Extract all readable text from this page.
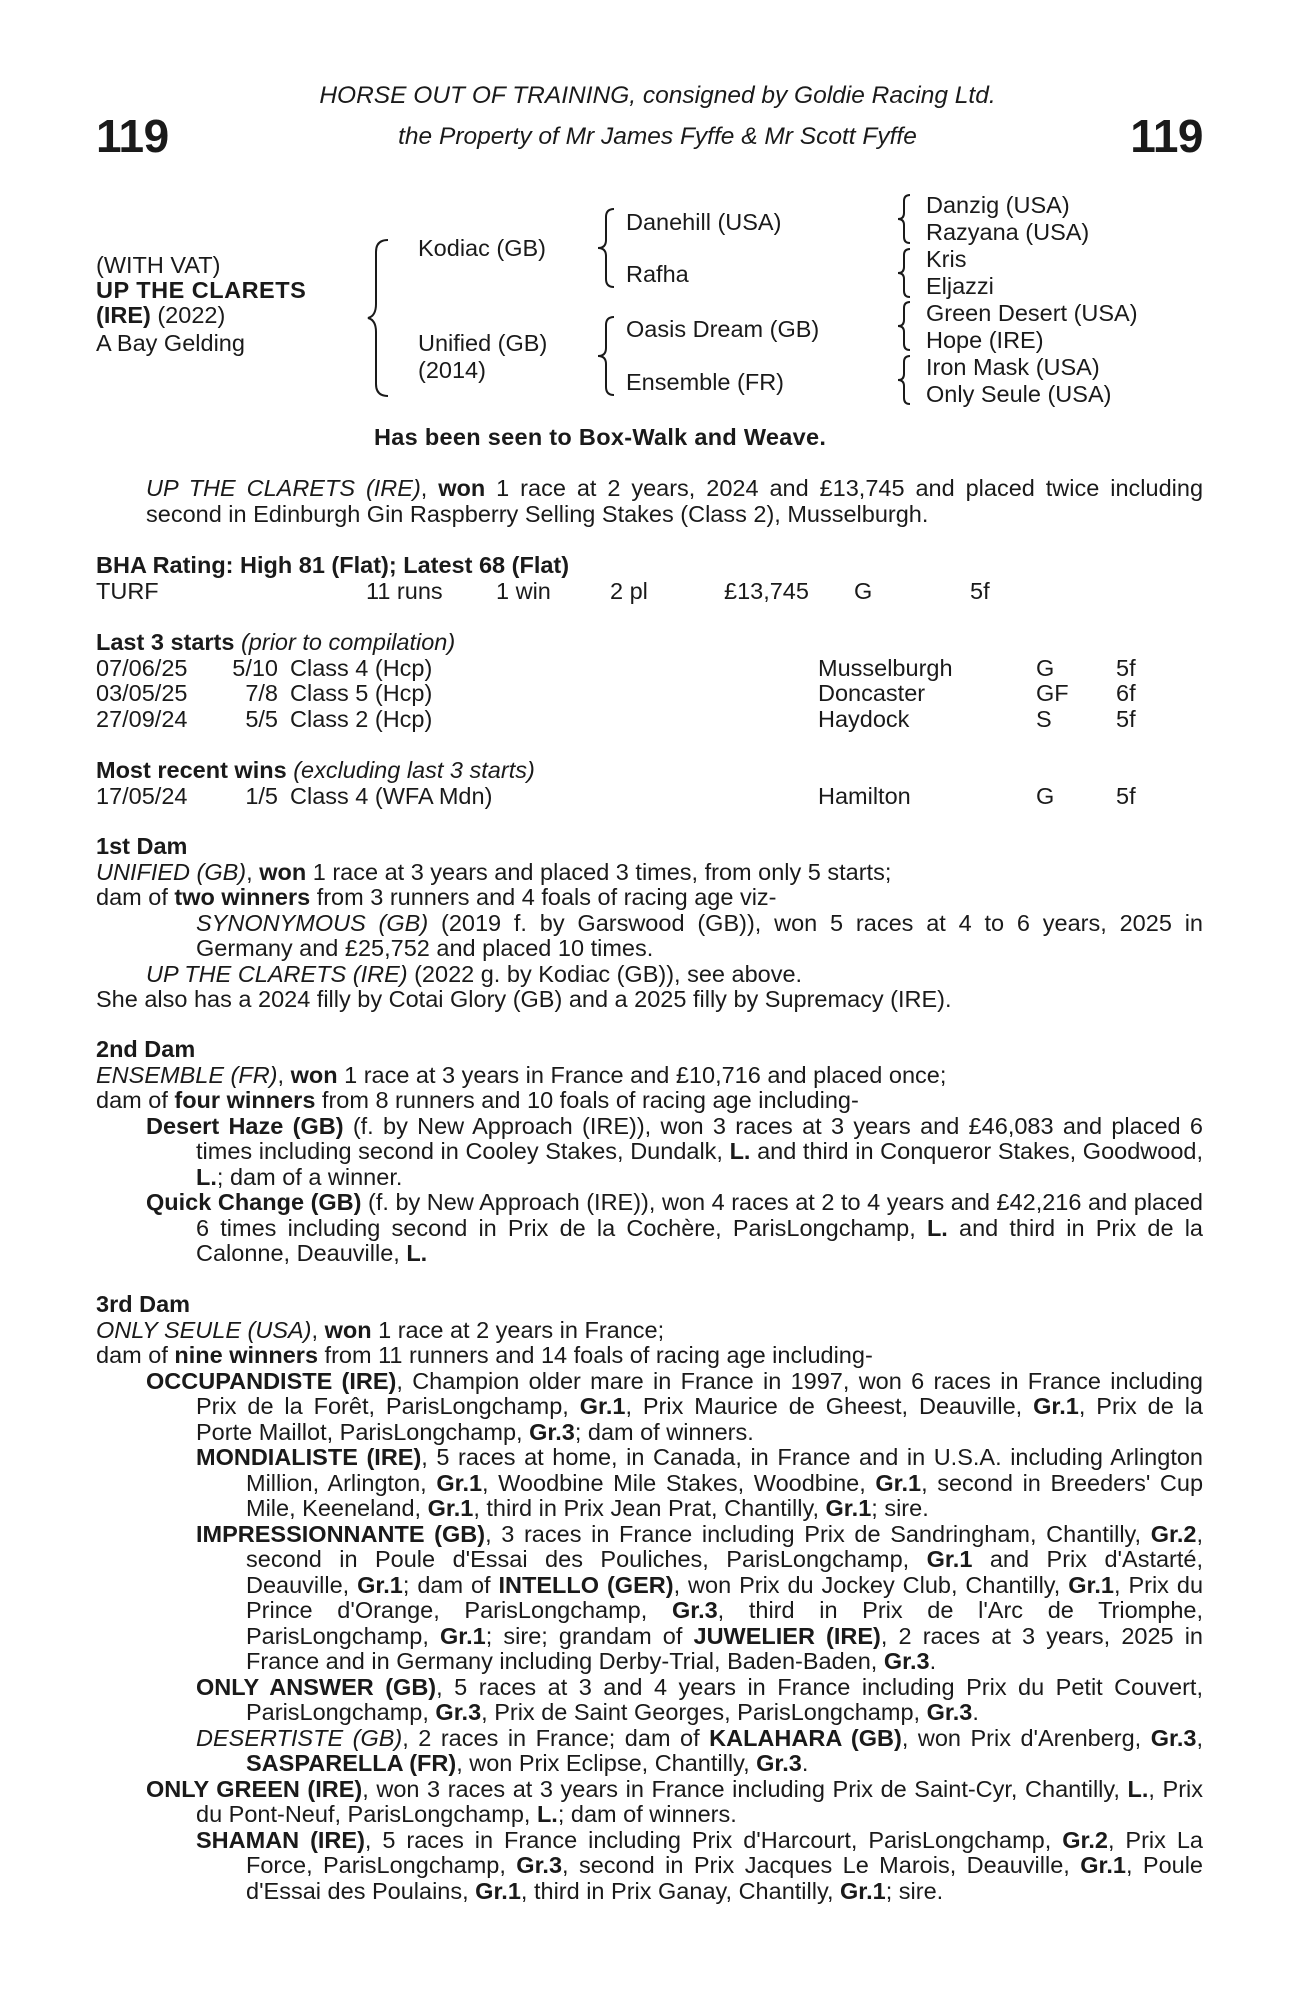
119	119
HORSE OUT OF TRAINING, consigned by Goldie Racing Ltd.
the Property of Mr James Fyffe & Mr Scott Fyffe
(WITH VAT)
UP THE CLARETS
(IRE) (2022)
A Bay Gelding
Kodiac (GB)
Unified (GB)
(2014)
Danehill (USA)
Rafha
Oasis Dream (GB)
Ensemble (FR)
Danzig (USA)
Razyana (USA)
Kris
Eljazzi
Green Desert (USA)
Hope (IRE)
Iron Mask (USA)
Only Seule (USA)
Has been seen to Box-Walk and Weave.

UP THE CLARETS (IRE), won 1 race at 2 years, 2024 and £13,745 and placed twice including second in Edinburgh Gin Raspberry Selling Stakes (Class 2), Musselburgh.

BHA Rating: High 81 (Flat); Latest 68 (Flat)
TURF	11 runs 1 win	2 pl	£13,745 G	5f
Last 3 starts (prior to compilation)
07/06/25 5/10 Class 4 (Hcp)	Musselburgh	G	5f
03/05/25	7/8 Class 5 (Hcp)	Doncaster	GF 6f
27/09/24	5/5 Class 2 (Hcp)	Haydock	S	5f
Most recent wins (excluding last 3 starts)
17/05/24	1/5 Class 4 (WFA Mdn)	Hamilton	G	5f
1st Dam

UNIFIED (GB), won 1 race at 3 years and placed 3 times, from only 5 starts;

dam of two winners from 3 runners and 4 foals of racing age viz-

SYNONYMOUS (GB) (2019 f. by Garswood (GB)), won 5 races at 4 to 6 years, 2025 in Germany and £25,752 and placed 10 times.

UP THE CLARETS (IRE) (2022 g. by Kodiac (GB)), see above.

She also has a 2024 filly by Cotai Glory (GB) and a 2025 filly by Supremacy (IRE).

2nd Dam

ENSEMBLE (FR), won 1 race at 3 years in France and £10,716 and placed once;

dam of four winners from 8 runners and 10 foals of racing age including-

Desert Haze (GB) (f. by New Approach (IRE)), won 3 races at 3 years and £46,083 and placed 6 times including second in Cooley Stakes, Dundalk, L. and third in Conqueror Stakes, Goodwood, L.; dam of a winner.

Quick Change (GB) (f. by New Approach (IRE)), won 4 races at 2 to 4 years and £42,216 and placed 6 times including second in Prix de la Cochère, ParisLongchamp, L. and third in Prix de la Calonne, Deauville, L.

3rd Dam

ONLY SEULE (USA), won 1 race at 2 years in France;

dam of nine winners from 11 runners and 14 foals of racing age including-

OCCUPANDISTE (IRE), Champion older mare in France in 1997, won 6 races in France including Prix de la Forêt, ParisLongchamp, Gr.1, Prix Maurice de Gheest, Deauville, Gr.1, Prix de la Porte Maillot, ParisLongchamp, Gr.3; dam of winners.

MONDIALISTE (IRE), 5 races at home, in Canada, in France and in U.S.A. including Arlington Million, Arlington, Gr.1, Woodbine Mile Stakes, Woodbine, Gr.1, second in Breeders' Cup Mile, Keeneland, Gr.1, third in Prix Jean Prat, Chantilly, Gr.1; sire.

IMPRESSIONNANTE (GB), 3 races in France including Prix de Sandringham, Chantilly, Gr.2, second in Poule d'Essai des Pouliches, ParisLongchamp, Gr.1 and Prix d'Astarté, Deauville, Gr.1; dam of INTELLO (GER), won Prix du Jockey Club, Chantilly, Gr.1, Prix du Prince d'Orange, ParisLongchamp, Gr.3, third in Prix de l'Arc de Triomphe, ParisLongchamp, Gr.1; sire; grandam of JUWELIER (IRE), 2 races at 3 years, 2025 in France and in Germany including Derby-Trial, Baden-Baden, Gr.3.

ONLY ANSWER (GB), 5 races at 3 and 4 years in France including Prix du Petit Couvert, ParisLongchamp, Gr.3, Prix de Saint Georges, ParisLongchamp, Gr.3.

DESERTISTE (GB), 2 races in France; dam of KALAHARA (GB), won Prix d'Arenberg, Gr.3, SASPARELLA (FR), won Prix Eclipse, Chantilly, Gr.3.

ONLY GREEN (IRE), won 3 races at 3 years in France including Prix de Saint-Cyr, Chantilly, L., Prix du Pont-Neuf, ParisLongchamp, L.; dam of winners.

SHAMAN (IRE), 5 races in France including Prix d'Harcourt, ParisLongchamp, Gr.2, Prix La Force, ParisLongchamp, Gr.3, second in Prix Jacques Le Marois, Deauville, Gr.1, Poule d'Essai des Poulains, Gr.1, third in Prix Ganay, Chantilly, Gr.1; sire.
